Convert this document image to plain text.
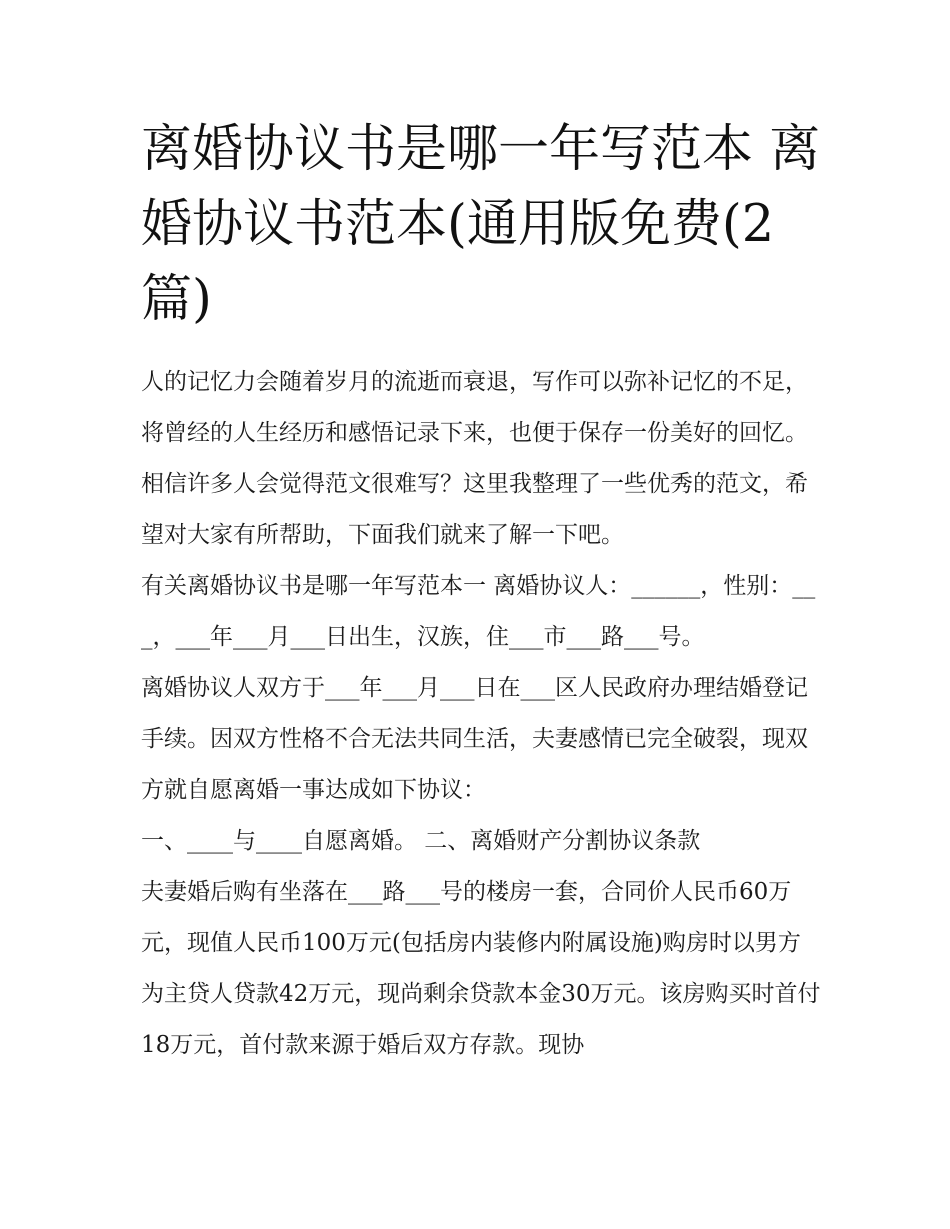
离婚协议书是哪一年写范本 离婚协议书范本(通用版免费(2篇)

人的记忆力会随着岁月的流逝而衰退，写作可以弥补记忆的不足，将曾经的人生经历和感悟记录下来，也便于保存一份美好的回忆。相信许多人会觉得范文很难写？这里我整理了一些优秀的范文，希望对大家有所帮助，下面我们就来了解一下吧。

有关离婚协议书是哪一年写范本一 离婚协议人：______，性别：___，___年___月___日出生，汉族，住___市___路___号。

离婚协议人双方于___年___月___日在___区人民政府办理结婚登记手续。因双方性格不合无法共同生活，夫妻感情已完全破裂，现双方就自愿离婚一事达成如下协议：

一、____与____自愿离婚。 二、离婚财产分割协议条款

夫妻婚后购有坐落在___路___号的楼房一套，合同价人民币60万元，现值人民币100万元(包括房内装修内附属设施)购房时以男方为主贷人贷款42万元，现尚剩余贷款本金30万元。该房购买时首付18万元，首付款来源于婚后双方存款。现协
